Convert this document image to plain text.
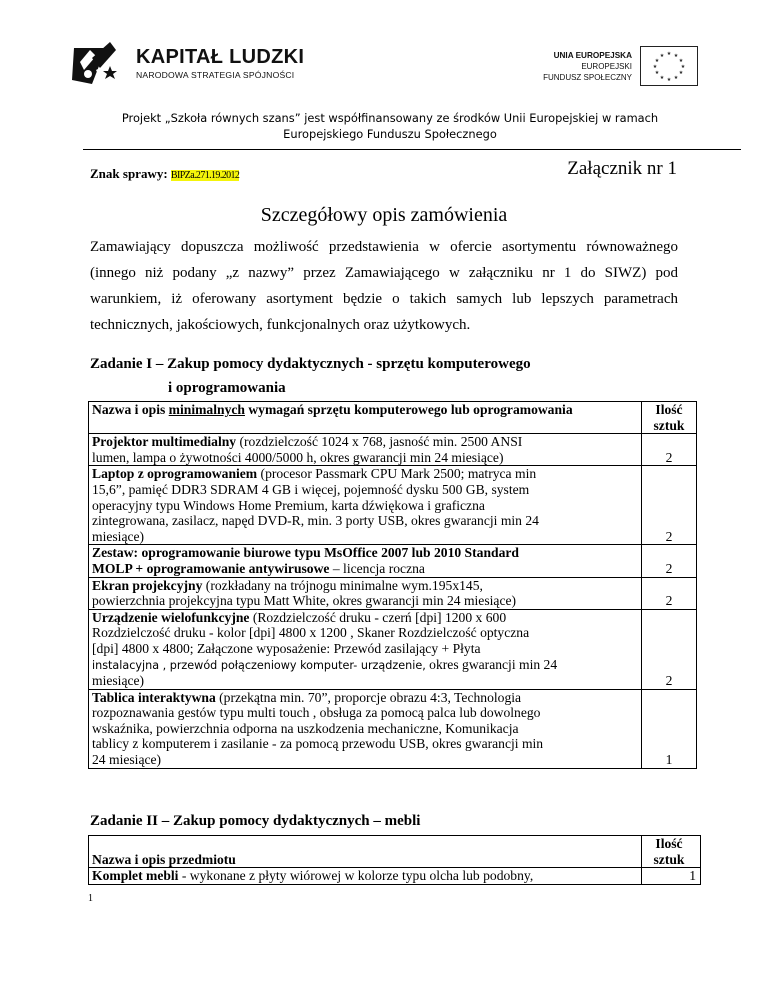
KAPITAŁ LUDZKI
NARODOWA STRATEGIA SPÓJNOŚCI
UNIA EUROPEJSKA
EUROPEJSKI
FUNDUSZ SPOŁECZNY
★ ★
★
★
★
★
★
★
★
★
★
★
Projekt „Szkoła równych szans” jest współfinansowany ze środków Unii Europejskiej w ramach
Europejskiego Funduszu Społecznego
Znak sprawy: BIPZa.271.19.2012	Załącznik nr 1
Szczegółowy opis zamówienia
Zamawiający dopuszcza możliwość przedstawienia w ofercie asortymentu równoważnego
(innego niż podany „z nazwy” przez Zamawiającego w załączniku nr 1 do SIWZ) pod
warunkiem, iż oferowany asortyment będzie o takich samych lub lepszych parametrach
technicznych, jakościowych, funkcjonalnych oraz użytkowych.
Zadanie I – Zakup pomocy dydaktycznych - sprzętu komputerowego
i oprogramowania
Nazwa i opis minimalnych wymagań sprzętu komputerowego lub oprogramowania	Ilość
sztuk
Projektor multimedialny (rozdzielczość 1024 x 768, jasność min. 2500 ANSI
lumen, lampa o żywotności 4000/5000 h, okres gwarancji min 24 miesiące)	2
Laptop z oprogramowaniem (procesor Passmark CPU Mark 2500; matryca min
15,6”, pamięć DDR3 SDRAM 4 GB i więcej, pojemność dysku 500 GB, system
operacyjny typu Windows Home Premium, karta dźwiękowa i graficzna
zintegrowana, zasilacz, napęd DVD-R, min. 3 porty USB, okres gwarancji min 24
miesiące)	2
Zestaw: oprogramowanie biurowe typu MsOffice 2007 lub 2010 Standard
MOLP + oprogramowanie antywirusowe – licencja roczna	2
Ekran projekcyjny (rozkładany na trójnogu minimalne wym.195x145,
powierzchnia projekcyjna typu Matt White, okres gwarancji min 24 miesiące)	2
Urządzenie wielofunkcyjne (Rozdzielczość druku - czerń [dpi] 1200 x 600
Rozdzielczość druku - kolor [dpi] 4800 x 1200 , Skaner Rozdzielczość optyczna
[dpi] 4800 x 4800; Załączone wyposażenie: Przewód zasilający + Płyta
instalacyjna , przewód połączeniowy komputer- urządzenie, okres gwarancji min 24
miesiące)	2
Tablica interaktywna (przekątna min. 70”, proporcje obrazu 4:3, Technologia
rozpoznawania gestów typu multi touch , obsługa za pomocą palca lub dowolnego
wskaźnika, powierzchnia odporna na uszkodzenia mechaniczne, Komunikacja
tablicy z komputerem i zasilanie - za pomocą przewodu USB, okres gwarancji min
24 miesiące)	1
Zadanie II – Zakup pomocy dydaktycznych – mebli
Nazwa i opis przedmiotu	Ilość
sztuk
Komplet mebli - wykonane z płyty wiórowej w kolorze typu olcha lub podobny,	1
1
